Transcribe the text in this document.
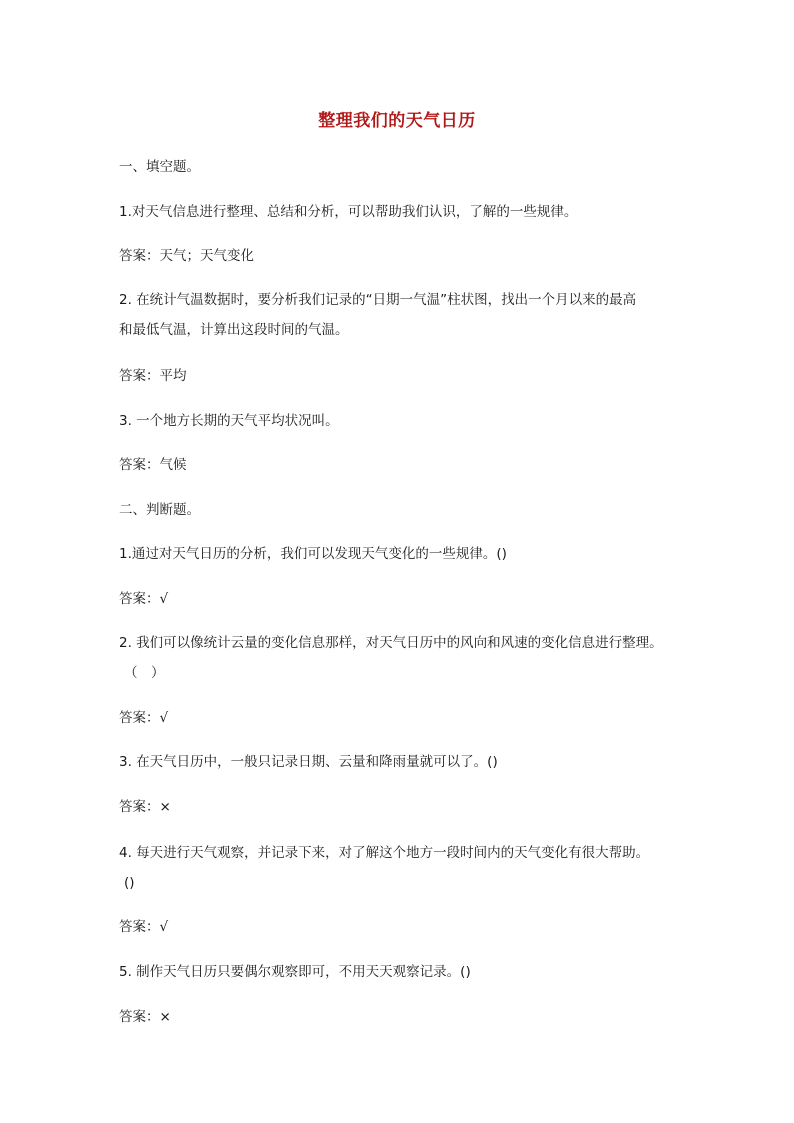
整理我们的天气日历
一、填空题。
1.对天气信息进行整理、总结和分析，可以帮助我们认识，了解的一些规律。
答案：天气；天气变化
2. 在统计气温数据时，要分析我们记录的“日期一气温”柱状图，找出一个月以来的最高
和最低气温，计算出这段时间的气温。
答案：平均
3. 一个地方长期的天气平均状况叫。
答案：气候
二、判断题。
1.通过对天气日历的分析，我们可以发现天气变化的一些规律。()
答案：√
2. 我们可以像统计云量的变化信息那样，对天气日历中的风向和风速的变化信息进行整理。
（　）
答案：√
3. 在天气日历中，一般只记录日期、云量和降雨量就可以了。()
答案：×
4. 每天进行天气观察，并记录下来，对了解这个地方一段时间内的天气变化有很大帮助。
()
答案：√
5. 制作天气日历只要偶尔观察即可，不用天天观察记录。()
答案：×
